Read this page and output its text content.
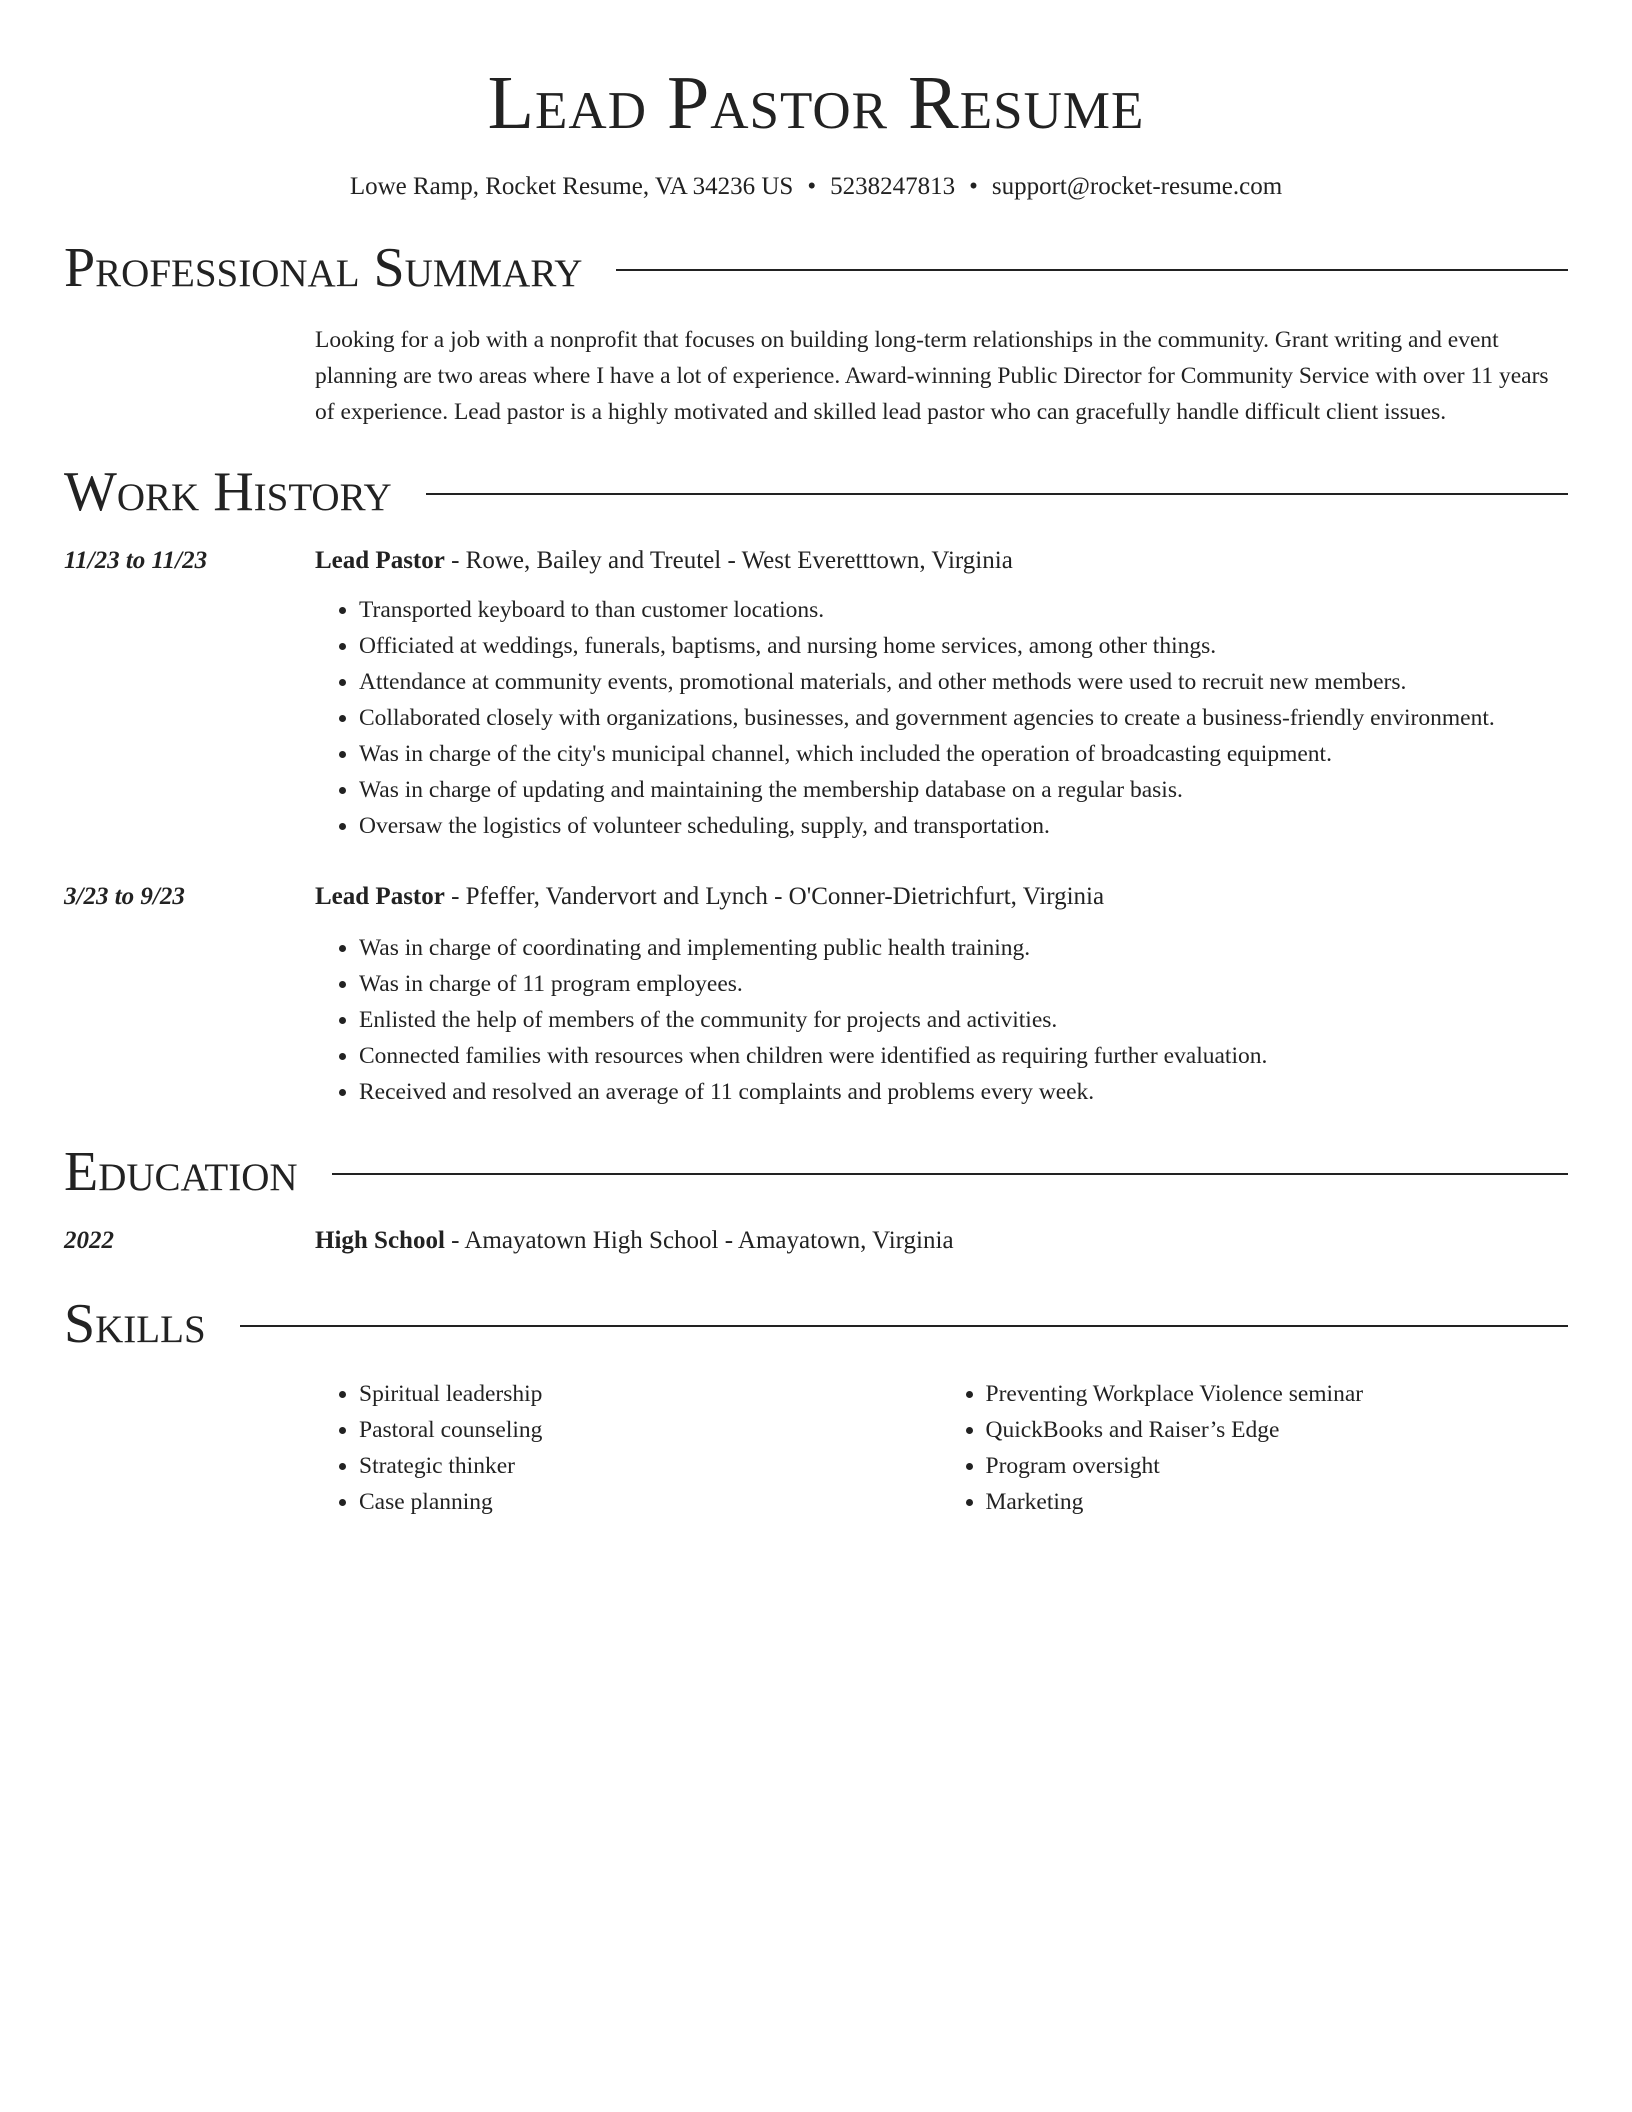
Lead Pastor Resume
Lowe Ramp, Rocket Resume, VA 34236 US • 5238247813 • support@rocket-resume.com
Professional Summary
Looking for a job with a nonprofit that focuses on building long-term relationships in the community. Grant writing and event planning are two areas where I have a lot of experience. Award-winning Public Director for Community Service with over 11 years of experience. Lead pastor is a highly motivated and skilled lead pastor who can gracefully handle difficult client issues.
Work History
11/23 to 11/23	Lead Pastor - Rowe, Bailey and Treutel - West Everetttown, Virginia
• Transported keyboard to than customer locations.
• Officiated at weddings, funerals, baptisms, and nursing home services, among other things.
• Attendance at community events, promotional materials, and other methods were used to recruit new members.
• Collaborated closely with organizations, businesses, and government agencies to create a business-friendly environment.
• Was in charge of the city's municipal channel, which included the operation of broadcasting equipment.
• Was in charge of updating and maintaining the membership database on a regular basis.
• Oversaw the logistics of volunteer scheduling, supply, and transportation.
3/23 to 9/23	Lead Pastor - Pfeffer, Vandervort and Lynch - O'Conner-Dietrichfurt, Virginia
• Was in charge of coordinating and implementing public health training.
• Was in charge of 11 program employees.
• Enlisted the help of members of the community for projects and activities.
• Connected families with resources when children were identified as requiring further evaluation.
• Received and resolved an average of 11 complaints and problems every week.
Education
2022	High School - Amayatown High School - Amayatown, Virginia
Skills
• Spiritual leadership
• Pastoral counseling
• Strategic thinker
• Case planning
• Preventing Workplace Violence seminar
• QuickBooks and Raiser’s Edge
• Program oversight
• Marketing
